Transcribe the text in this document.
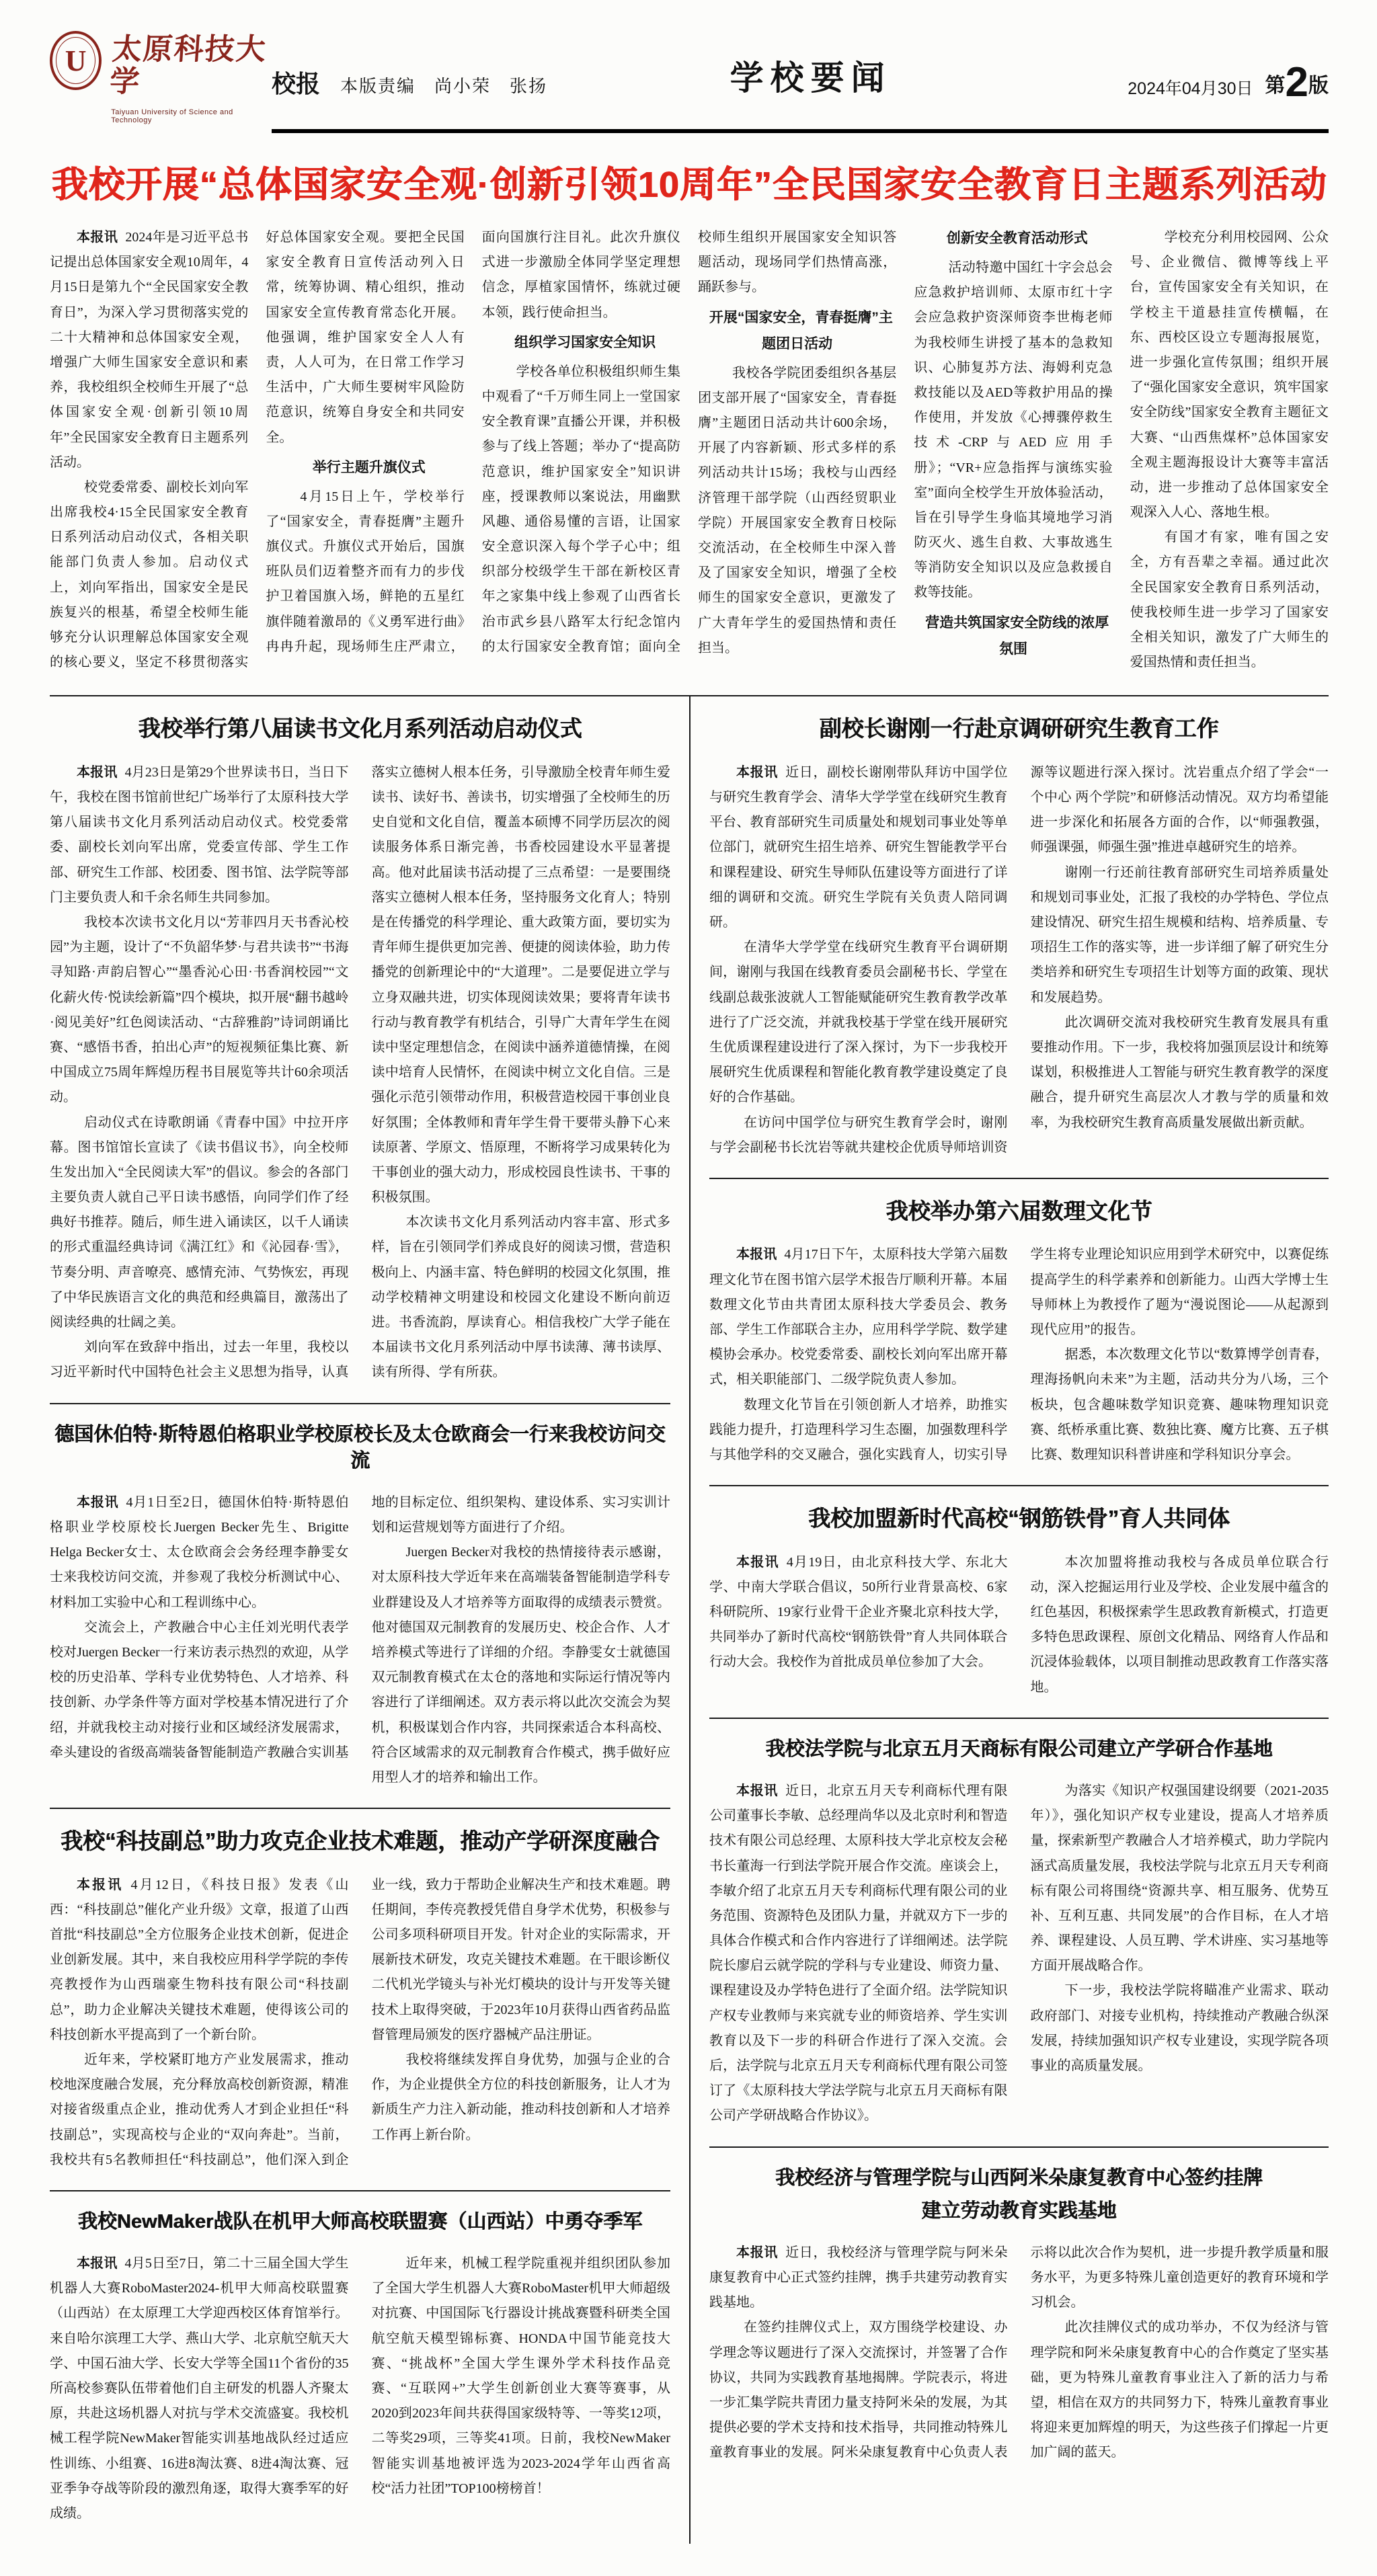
U 太原科技大学
Taiyuan University of Science and Technology
校报 本版责编　尚小荣　张扬	学校要闻	2024年04月30日 第2版
我校开展“总体国家安全观·创新引领10周年”全民国家安全教育日主题系列活动

本报讯 2024年是习近平总书记提出总体国家安全观10周年，4月15日是第九个“全民国家安全教育日”，为深入学习贯彻落实党的二十大精神和总体国家安全观，增强广大师生国家安全意识和素养，我校组织全校师生开展了“总体国家安全观·创新引领10周年”全民国家安全教育日主题系列活动。

校党委常委、副校长刘向军出席我校4·15全民国家安全教育日系列活动启动仪式，各相关职能部门负责人参加。启动仪式上，刘向军指出，国家安全是民族复兴的根基，希望全校师生能够充分认识理解总体国家安全观的核心要义，坚定不移贯彻落实好总体国家安全观。要把全民国家安全教育日宣传活动列入日常，统筹协调、精心组织，推动国家安全宣传教育常态化开展。他强调，维护国家安全人人有责，人人可为，在日常工作学习生活中，广大师生要树牢风险防范意识，统筹自身安全和共同安全。

举行主题升旗仪式

4月15日上午，学校举行了“国家安全，青春挺膺”主题升旗仪式。升旗仪式开始后，国旗班队员们迈着整齐而有力的步伐护卫着国旗入场，鲜艳的五星红旗伴随着激昂的《义勇军进行曲》冉冉升起，现场师生庄严肃立，面向国旗行注目礼。此次升旗仪式进一步激励全体同学坚定理想信念，厚植家国情怀，练就过硬本领，践行使命担当。

组织学习国家安全知识

学校各单位积极组织师生集中观看了“千万师生同上一堂国家安全教育课”直播公开课，并积极参与了线上答题；举办了“提高防范意识，维护国家安全”知识讲座，授课教师以案说法，用幽默风趣、通俗易懂的言语，让国家安全意识深入每个学子心中；组织部分校级学生干部在新校区青年之家集中线上参观了山西省长治市武乡县八路军太行纪念馆内的太行国家安全教育馆；面向全校师生组织开展国家安全知识答题活动，现场同学们热情高涨，踊跃参与。

开展“国家安全，青春挺膺”主题团日活动

我校各学院团委组织各基层团支部开展了“国家安全，青春挺膺”主题团日活动共计600余场，开展了内容新颖、形式多样的系列活动共计15场；我校与山西经济管理干部学院（山西经贸职业学院）开展国家安全教育日校际交流活动，在全校师生中深入普及了国家安全知识，增强了全校师生的国家安全意识，更激发了广大青年学生的爱国热情和责任担当。

创新安全教育活动形式

活动特邀中国红十字会总会应急救护培训师、太原市红十字会应急救护资深师资李世梅老师为我校师生讲授了基本的急救知识、心肺复苏方法、海姆利克急救技能以及AED等救护用品的操作使用，并发放《心搏骤停救生技术-CRP与AED应用手册》；“VR+应急指挥与演练实验室”面向全校学生开放体验活动，旨在引导学生身临其境地学习消防灭火、逃生自救、大事故逃生等消防安全知识以及应急救援自救等技能。

营造共筑国家安全防线的浓厚氛围

学校充分利用校园网、公众号、企业微信、微博等线上平台，宣传国家安全有关知识，在学校主干道悬挂宣传横幅，在东、西校区设立专题海报展览，进一步强化宣传氛围；组织开展了“强化国家安全意识，筑牢国家安全防线”国家安全教育主题征文大赛、“山西焦煤杯”总体国家安全观主题海报设计大赛等丰富活动，进一步推动了总体国家安全观深入人心、落地生根。

有国才有家，唯有国之安全，方有吾辈之幸福。通过此次全民国家安全教育日系列活动，使我校师生进一步学习了国家安全相关知识，激发了广大师生的爱国热情和责任担当。

我校举行第八届读书文化月系列活动启动仪式

本报讯 4月23日是第29个世界读书日，当日下午，我校在图书馆前世纪广场举行了太原科技大学第八届读书文化月系列活动启动仪式。校党委常委、副校长刘向军出席，党委宣传部、学生工作部、研究生工作部、校团委、图书馆、法学院等部门主要负责人和千余名师生共同参加。

我校本次读书文化月以“芳菲四月天书香沁校园”为主题，设计了“不负韶华梦·与君共读书”“书海寻知路·声韵启智心”“墨香沁心田·书香润校园”“文化薪火传·悦读绘新篇”四个模块，拟开展“翻书越岭·阅见美好”红色阅读活动、“古辞雅韵”诗词朗诵比赛、“感悟书香，拍出心声”的短视频征集比赛、新中国成立75周年辉煌历程书目展览等共计60余项活动。

启动仪式在诗歌朗诵《青春中国》中拉开序幕。图书馆馆长宣读了《读书倡议书》，向全校师生发出加入“全民阅读大军”的倡议。参会的各部门主要负责人就自己平日读书感悟，向同学们作了经典好书推荐。随后，师生进入诵读区，以千人诵读的形式重温经典诗词《满江红》和《沁园春·雪》，节奏分明、声音嘹亮、感情充沛、气势恢宏，再现了中华民族语言文化的典范和经典篇目，激荡出了阅读经典的壮阔之美。

刘向军在致辞中指出，过去一年里，我校以习近平新时代中国特色社会主义思想为指导，认真落实立德树人根本任务，引导激励全校青年师生爱读书、读好书、善读书，切实增强了全校师生的历史自觉和文化自信，覆盖本硕博不同学历层次的阅读服务体系日渐完善，书香校园建设水平显著提高。他对此届读书活动提了三点希望：一是要围绕落实立德树人根本任务，坚持服务文化育人；特别是在传播党的科学理论、重大政策方面，要切实为青年师生提供更加完善、便捷的阅读体验，助力传播党的创新理论中的“大道理”。二是要促进立学与立身双融共进，切实体现阅读效果；要将青年读书行动与教育教学有机结合，引导广大青年学生在阅读中坚定理想信念，在阅读中涵养道德情操，在阅读中培育人民情怀，在阅读中树立文化自信。三是强化示范引领带动作用，积极营造校园干事创业良好氛围；全体教师和青年学生骨干要带头静下心来读原著、学原文、悟原理，不断将学习成果转化为干事创业的强大动力，形成校园良性读书、干事的积极氛围。

本次读书文化月系列活动内容丰富、形式多样，旨在引领同学们养成良好的阅读习惯，营造积极向上、内涵丰富、特色鲜明的校园文化氛围，推动学校精神文明建设和校园文化建设不断向前迈进。书香流韵，厚读育心。相信我校广大学子能在本届读书文化月系列活动中厚书读薄、薄书读厚、读有所得、学有所获。

德国休伯特·斯特恩伯格职业学校原校长及太仓欧商会一行来我校访问交流

本报讯 4月1日至2日，德国休伯特·斯特恩伯格职业学校原校长Juergen Becker先生、Brigitte Helga Becker女士、太仓欧商会会务经理李静雯女士来我校访问交流，并参观了我校分析测试中心、材料加工实验中心和工程训练中心。

交流会上，产教融合中心主任刘光明代表学校对Juergen Becker一行来访表示热烈的欢迎，从学校的历史沿革、学科专业优势特色、人才培养、科技创新、办学条件等方面对学校基本情况进行了介绍，并就我校主动对接行业和区域经济发展需求，牵头建设的省级高端装备智能制造产教融合实训基地的目标定位、组织架构、建设体系、实习实训计划和运营规划等方面进行了介绍。

Juergen Becker对我校的热情接待表示感谢，对太原科技大学近年来在高端装备智能制造学科专业群建设及人才培养等方面取得的成绩表示赞赏。他对德国双元制教育的发展历史、校企合作、人才培养模式等进行了详细的介绍。李静雯女士就德国双元制教育模式在太仓的落地和实际运行情况等内容进行了详细阐述。双方表示将以此次交流会为契机，积极谋划合作内容，共同探索适合本科高校、符合区域需求的双元制教育合作模式，携手做好应用型人才的培养和输出工作。

我校“科技副总”助力攻克企业技术难题，推动产学研深度融合

本报讯 4月12日，《科技日报》发表《山西：“科技副总”催化产业升级》文章，报道了山西首批“科技副总”全方位服务企业技术创新，促进企业创新发展。其中，来自我校应用科学学院的李传亮教授作为山西瑞豪生物科技有限公司“科技副总”，助力企业解决关键技术难题，使得该公司的科技创新水平提高到了一个新台阶。

近年来，学校紧盯地方产业发展需求，推动校地深度融合发展，充分释放高校创新资源，精准对接省级重点企业，推动优秀人才到企业担任“科技副总”，实现高校与企业的“双向奔赴”。当前，我校共有5名教师担任“科技副总”，他们深入到企业一线，致力于帮助企业解决生产和技术难题。聘任期间，李传亮教授凭借自身学术优势，积极参与公司多项科研项目开发。针对企业的实际需求，开展新技术研发，攻克关键技术难题。在干眼诊断仪二代机光学镜头与补光灯模块的设计与开发等关键技术上取得突破，于2023年10月获得山西省药品监督管理局颁发的医疗器械产品注册证。

我校将继续发挥自身优势，加强与企业的合作，为企业提供全方位的科技创新服务，让人才为新质生产力注入新动能，推动科技创新和人才培养工作再上新台阶。

我校NewMaker战队在机甲大师高校联盟赛（山西站）中勇夺季军

本报讯 4月5日至7日，第二十三届全国大学生机器人大赛RoboMaster2024-机甲大师高校联盟赛（山西站）在太原理工大学迎西校区体育馆举行。来自哈尔滨理工大学、燕山大学、北京航空航天大学、中国石油大学、长安大学等全国11个省份的35所高校参赛队伍带着他们自主研发的机器人齐聚太原，共赴这场机器人对抗与学术交流盛宴。我校机械工程学院NewMaker智能实训基地战队经过适应性训练、小组赛、16进8淘汰赛、8进4淘汰赛、冠亚季争夺战等阶段的激烈角逐，取得大赛季军的好成绩。

近年来，机械工程学院重视并组织团队参加了全国大学生机器人大赛RoboMaster机甲大师超级对抗赛、中国国际飞行器设计挑战赛暨科研类全国航空航天模型锦标赛、HONDA中国节能竞技大赛、“挑战杯”全国大学生课外学术科技作品竞赛、“互联网+”大学生创新创业大赛等赛事，从2020到2023年间共获得国家级特等、一等奖12项，二等奖29项，三等奖41项。日前，我校NewMaker智能实训基地被评选为2023-2024学年山西省高校“活力社团”TOP100榜榜首！

副校长谢刚一行赴京调研研究生教育工作

本报讯 近日，副校长谢刚带队拜访中国学位与研究生教育学会、清华大学学堂在线研究生教育平台、教育部研究生司质量处和规划司事业处等单位部门，就研究生招生培养、研究生智能教学平台和课程建设、研究生导师队伍建设等方面进行了详细的调研和交流。研究生学院有关负责人陪同调研。

在清华大学学堂在线研究生教育平台调研期间，谢刚与我国在线教育委员会副秘书长、学堂在线副总裁张波就人工智能赋能研究生教育教学改革进行了广泛交流，并就我校基于学堂在线开展研究生优质课程建设进行了深入探讨，为下一步我校开展研究生优质课程和智能化教育教学建设奠定了良好的合作基础。

在访问中国学位与研究生教育学会时，谢刚与学会副秘书长沈岩等就共建校企优质导师培训资源等议题进行深入探讨。沈岩重点介绍了学会“一个中心 两个学院”和研修活动情况。双方均希望能进一步深化和拓展各方面的合作，以“师强教强，师强课强，师强生强”推进卓越研究生的培养。

谢刚一行还前往教育部研究生司培养质量处和规划司事业处，汇报了我校的办学特色、学位点建设情况、研究生招生规模和结构、培养质量、专项招生工作的落实等，进一步详细了解了研究生分类培养和研究生专项招生计划等方面的政策、现状和发展趋势。

此次调研交流对我校研究生教育发展具有重要推动作用。下一步，我校将加强顶层设计和统筹谋划，积极推进人工智能与研究生教育教学的深度融合，提升研究生高层次人才教与学的质量和效率，为我校研究生教育高质量发展做出新贡献。

我校举办第六届数理文化节

本报讯 4月17日下午，太原科技大学第六届数理文化节在图书馆六层学术报告厅顺利开幕。本届数理文化节由共青团太原科技大学委员会、教务部、学生工作部联合主办，应用科学学院、数学建模协会承办。校党委常委、副校长刘向军出席开幕式，相关职能部门、二级学院负责人参加。

数理文化节旨在引领创新人才培养，助推实践能力提升，打造理科学习生态圈，加强数理科学与其他学科的交叉融合，强化实践育人，切实引导学生将专业理论知识应用到学术研究中，以赛促练提高学生的科学素养和创新能力。山西大学博士生导师林上为教授作了题为“漫说图论——从起源到现代应用”的报告。

据悉，本次数理文化节以“数算博学创青春，理海扬帆向未来”为主题，活动共分为八场，三个板块，包含趣味数学知识竞赛、趣味物理知识竞赛、纸桥承重比赛、数独比赛、魔方比赛、五子棋比赛、数理知识科普讲座和学科知识分享会。

我校加盟新时代高校“钢筋铁骨”育人共同体

本报讯 4月19日，由北京科技大学、东北大学、中南大学联合倡议，50所行业背景高校、6家科研院所、19家行业骨干企业齐聚北京科技大学，共同举办了新时代高校“钢筋铁骨”育人共同体联合行动大会。我校作为首批成员单位参加了大会。

本次加盟将推动我校与各成员单位联合行动，深入挖掘运用行业及学校、企业发展中蕴含的红色基因，积极探索学生思政教育新模式，打造更多特色思政课程、原创文化精品、网络育人作品和沉浸体验载体，以项目制推动思政教育工作落实落地。

我校法学院与北京五月天商标有限公司建立产学研合作基地

本报讯 近日，北京五月天专利商标代理有限公司董事长李敏、总经理尚华以及北京时利和智造技术有限公司总经理、太原科技大学北京校友会秘书长董海一行到法学院开展合作交流。座谈会上，李敏介绍了北京五月天专利商标代理有限公司的业务范围、资源特色及团队力量，并就双方下一步的具体合作模式和合作内容进行了详细阐述。法学院院长廖启云就学院的学科与专业建设、师资力量、课程建设及办学特色进行了全面介绍。法学院知识产权专业教师与来宾就专业的师资培养、学生实训教育以及下一步的科研合作进行了深入交流。会后，法学院与北京五月天专利商标代理有限公司签订了《太原科技大学法学院与北京五月天商标有限公司产学研战略合作协议》。

为落实《知识产权强国建设纲要（2021-2035年）》，强化知识产权专业建设，提高人才培养质量，探索新型产教融合人才培养模式，助力学院内涵式高质量发展，我校法学院与北京五月天专利商标有限公司将围绕“资源共享、相互服务、优势互补、互利互惠、共同发展”的合作目标，在人才培养、课程建设、人员互聘、学术讲座、实习基地等方面开展战略合作。

下一步，我校法学院将瞄准产业需求、联动政府部门、对接专业机构，持续推动产教融合纵深发展，持续加强知识产权专业建设，实现学院各项事业的高质量发展。

我校经济与管理学院与山西阿米朵康复教育中心签约挂牌
建立劳动教育实践基地

本报讯 近日，我校经济与管理学院与阿米朵康复教育中心正式签约挂牌，携手共建劳动教育实践基地。

在签约挂牌仪式上，双方围绕学校建设、办学理念等议题进行了深入交流探讨，并签署了合作协议，共同为实践教育基地揭牌。学院表示，将进一步汇集学院共青团力量支持阿米朵的发展，为其提供必要的学术支持和技术指导，共同推动特殊儿童教育事业的发展。阿米朵康复教育中心负责人表示将以此次合作为契机，进一步提升教学质量和服务水平，为更多特殊儿童创造更好的教育环境和学习机会。

此次挂牌仪式的成功举办，不仅为经济与管理学院和阿米朵康复教育中心的合作奠定了坚实基础，更为特殊儿童教育事业注入了新的活力与希望，相信在双方的共同努力下，特殊儿童教育事业将迎来更加辉煌的明天，为这些孩子们撑起一片更加广阔的蓝天。
